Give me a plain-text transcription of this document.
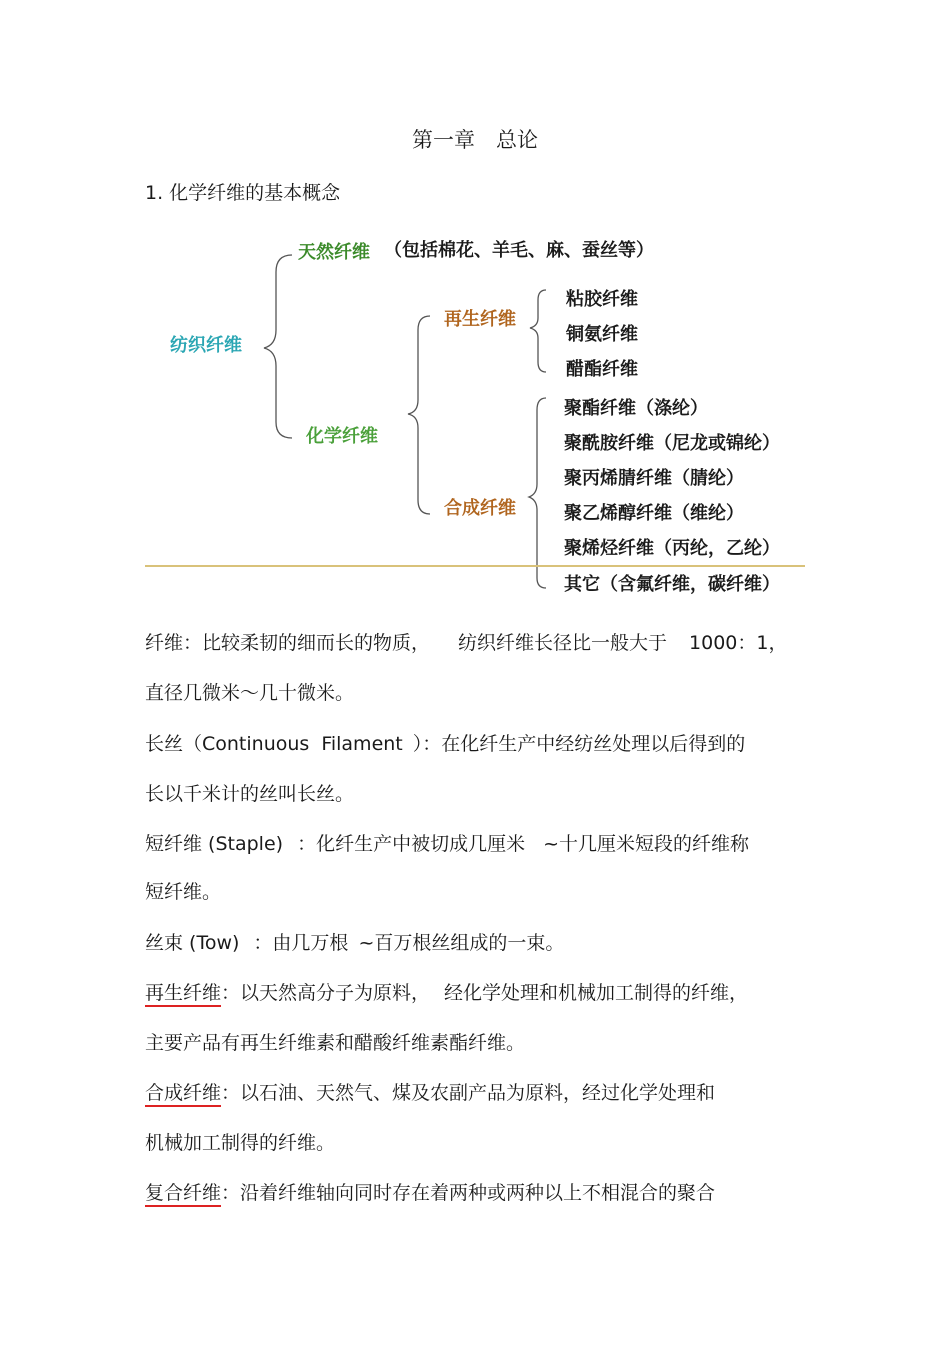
第一章　总论
1. 化学纤维的基本概念
纺织纤维
天然纤维 （包括棉花、羊毛、麻、蚕丝等）
化学纤维
再生纤维
合成纤维
粘胶纤维
铜氨纤维
醋酯纤维
聚酯纤维（涤纶）
聚酰胺纤维（尼龙或锦纶）
聚丙烯腈纤维（腈纶）
聚乙烯醇纤维（维纶）
聚烯烃纤维（丙纶，乙纶）
其它（含氟纤维，碳纤维）
纤维：比较柔韧的细而长的物质， 纺织纤维长径比一般大于 1000：1，
直径几微米～几十微米。
长丝（Continuous Filament ）：在化纤生产中经纺丝处理以后得到的
长以千米计的丝叫长丝。
短纤维 (Staple) ：化纤生产中被切成几厘米 ~十几厘米短段的纤维称
短纤维。
丝束 (Tow) ：由几万根 ~百万根丝组成的一束。
再生纤维：以天然高分子为原料， 经化学处理和机械加工制得的纤维，
主要产品有再生纤维素和醋酸纤维素酯纤维。
合成纤维：以石油、天然气、煤及农副产品为原料，经过化学处理和
机械加工制得的纤维。
复合纤维：沿着纤维轴向同时存在着两种或两种以上不相混合的聚合
